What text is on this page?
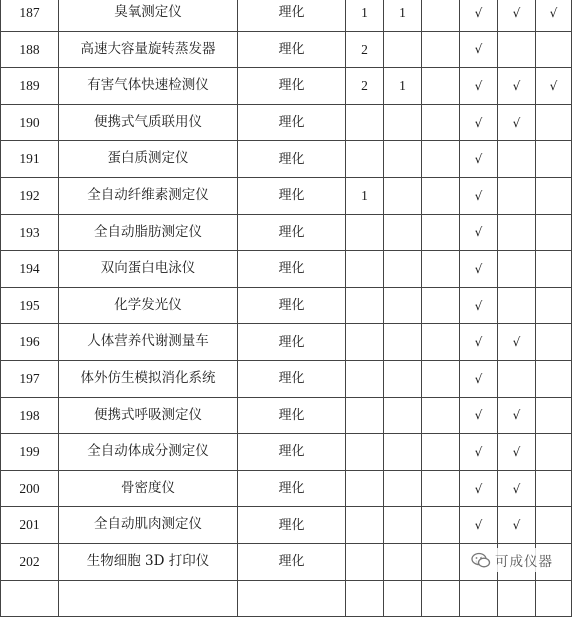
187	臭氧测定仪	理化	1	1		√	√	√
188	高速大容量旋转蒸发器	理化	2			√		
189	有害气体快速检测仪	理化	2	1		√	√	√
190	便携式气质联用仪	理化				√	√	
191	蛋白质测定仪	理化				√		
192	全自动纤维素测定仪	理化	1			√		
193	全自动脂肪测定仪	理化				√		
194	双向蛋白电泳仪	理化				√		
195	化学发光仪	理化				√		
196	人体营养代谢测量车	理化				√	√	
197	体外仿生模拟消化系统	理化				√		
198	便携式呼吸测定仪	理化				√	√	
199	全自动体成分测定仪	理化				√	√	
200	骨密度仪	理化				√	√	
201	全自动肌肉测定仪	理化				√	√	
202	生物细胞 3D 打印仪	理化						
									可成仪器
